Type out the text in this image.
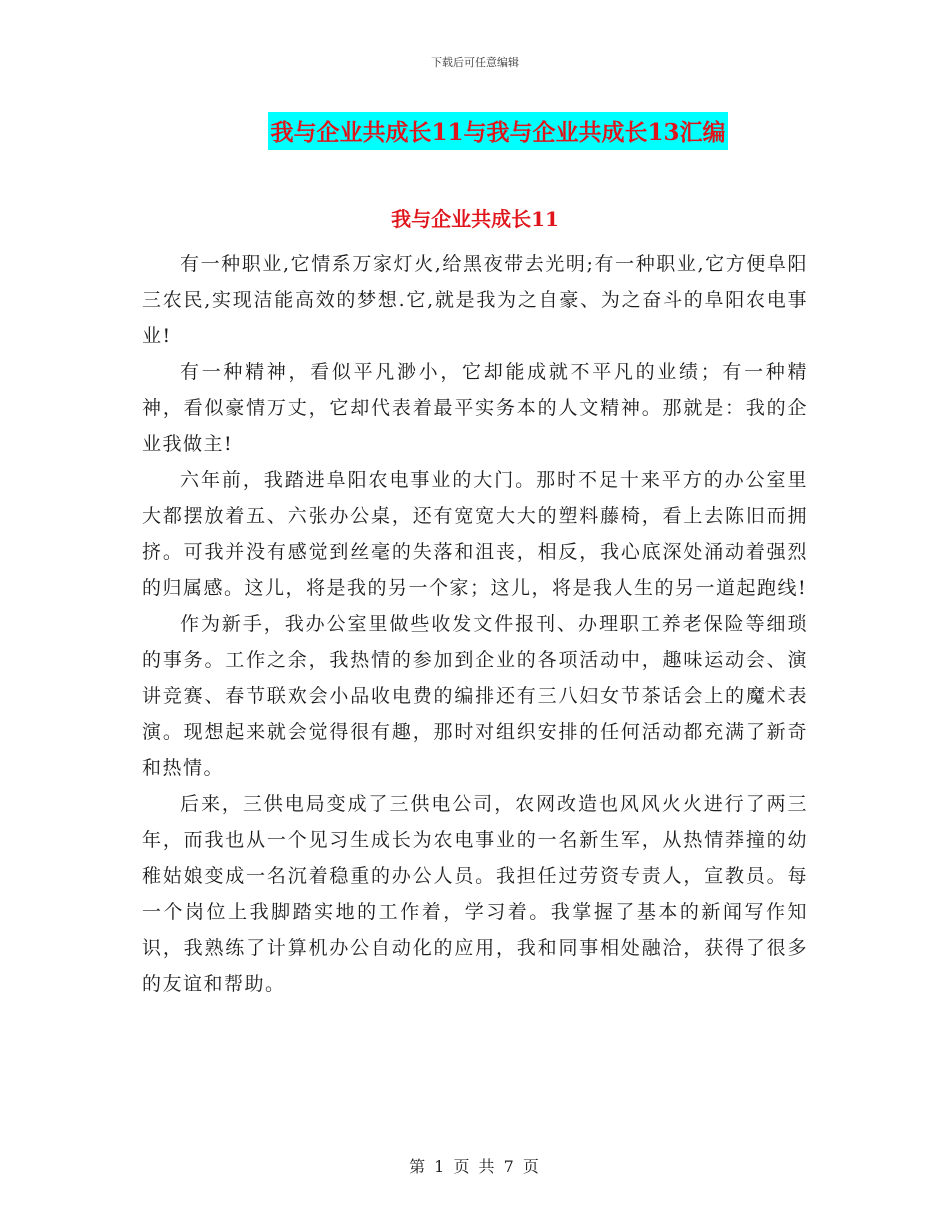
下载后可任意编辑
我与企业共成长11与我与企业共成长13汇编
我与企业共成长11

有一种职业,它情系万家灯火,给黑夜带去光明;有一种职业,它方便阜阳三农民,实现洁能高效的梦想.它,就是我为之自豪、为之奋斗的阜阳农电事业!

有一种精神，看似平凡渺小，它却能成就不平凡的业绩；有一种精神，看似豪情万丈，它却代表着最平实务本的人文精神。那就是：我的企业我做主!

六年前，我踏进阜阳农电事业的大门。那时不足十来平方的办公室里大都摆放着五、六张办公桌，还有宽宽大大的塑料藤椅，看上去陈旧而拥挤。可我并没有感觉到丝毫的失落和沮丧，相反，我心底深处涌动着强烈的归属感。这儿，将是我的另一个家；这儿，将是我人生的另一道起跑线!

作为新手，我办公室里做些收发文件报刊、办理职工养老保险等细琐的事务。工作之余，我热情的参加到企业的各项活动中，趣味运动会、演讲竞赛、春节联欢会小品收电费的编排还有三八妇女节茶话会上的魔术表演。现想起来就会觉得很有趣，那时对组织安排的任何活动都充满了新奇和热情。

后来，三供电局变成了三供电公司，农网改造也风风火火进行了两三年，而我也从一个见习生成长为农电事业的一名新生军，从热情莽撞的幼稚姑娘变成一名沉着稳重的办公人员。我担任过劳资专责人，宣教员。每一个岗位上我脚踏实地的工作着，学习着。我掌握了基本的新闻写作知识，我熟练了计算机办公自动化的应用，我和同事相处融洽，获得了很多的友谊和帮助。

第 1 页 共 7 页
